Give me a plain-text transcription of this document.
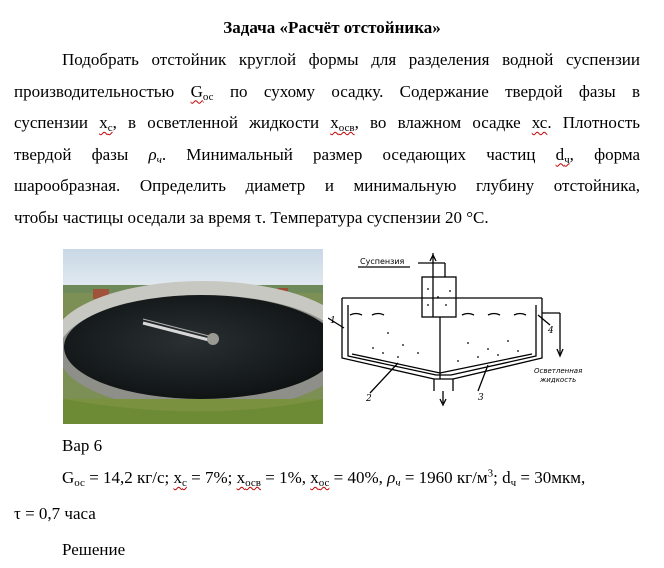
Задача «Расчёт отстойника»
Подобрать отстойник круглой формы для разделения водной суспензии
производительностью $G_{ос}$ по сухому осадку. Содержание твердой фазы в
суспензии $х_с$, в осветленной жидкости $х_{осв}$, во влажном осадке хс. Плотность
твердой фазы $\rho_ч$. Минимальный размер оседающих частиц $d_ч$, форма
шарообразная. Определить диаметр и минимальную глубину отстойника,
чтобы частицы оседали за время τ. Температура суспензии 20 °С.
Суспензия
Осветленная
жидкость
1
2	3
4
Вар 6
$G_{ос} = 14,2$ кг/с; $х_с = 7\%$; $х_{осв} = 1\%$, $х_{ос} = 40\%$, $\rho_ч = 1960$ $кг/м^3$; $d_ч = 30мкм$,
τ = 0,7 часа
Решение
